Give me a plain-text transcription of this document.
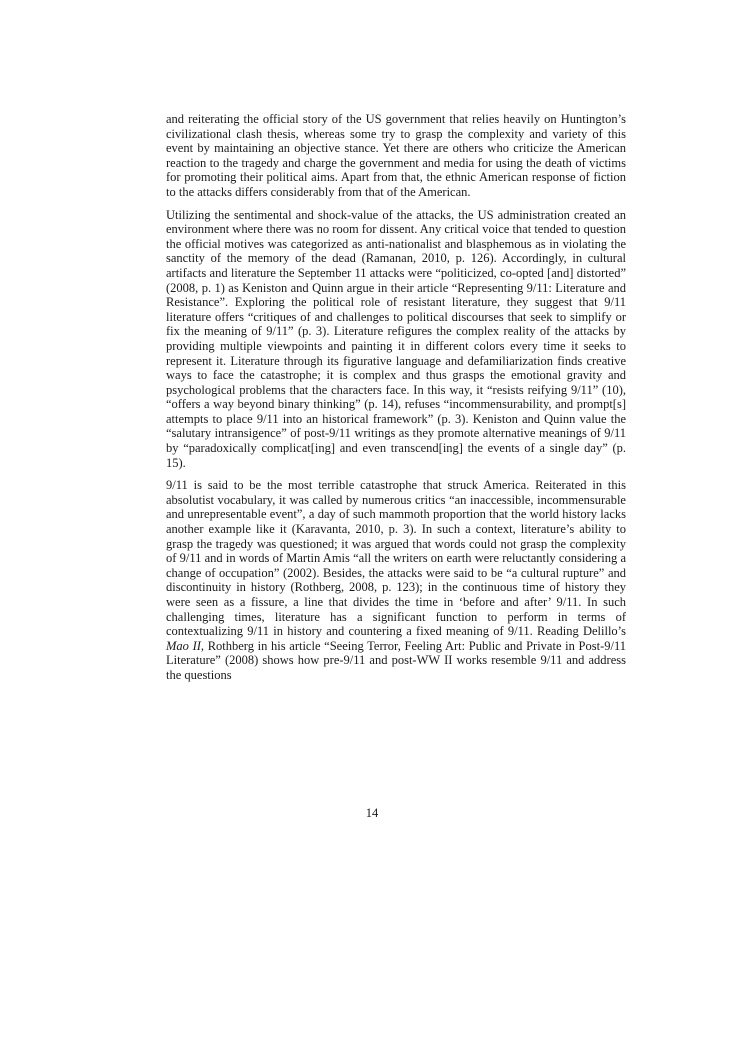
and reiterating the official story of the US government that relies heavily on Huntington’s civilizational clash thesis, whereas some try to grasp the complexity and variety of this event by maintaining an objective stance. Yet there are others who criticize the American reaction to the tragedy and charge the government and media for using the death of victims for promoting their political aims. Apart from that, the ethnic American response of fiction to the attacks differs considerably from that of the American.

Utilizing the sentimental and shock-value of the attacks, the US administration created an environment where there was no room for dissent. Any critical voice that tended to question the official motives was categorized as anti-nationalist and blasphemous as in violating the sanctity of the memory of the dead (Ramanan, 2010, p. 126). Accordingly, in cultural artifacts and literature the September 11 attacks were “politicized, co-opted [and] distorted” (2008, p. 1) as Keniston and Quinn argue in their article “Representing 9/11: Literature and Resistance”. Exploring the political role of resistant literature, they suggest that 9/11 literature offers “critiques of and challenges to political discourses that seek to simplify or fix the meaning of 9/11” (p. 3). Literature refigures the complex reality of the attacks by providing multiple viewpoints and painting it in different colors every time it seeks to represent it. Literature through its figurative language and defamiliarization finds creative ways to face the catastrophe; it is complex and thus grasps the emotional gravity and psychological problems that the characters face. In this way, it “resists reifying 9/11” (10), “offers a way beyond binary thinking” (p. 14), refuses “incommensurability, and prompt[s] attempts to place 9/11 into an historical framework” (p. 3). Keniston and Quinn value the “salutary intransigence” of post-9/11 writings as they promote alternative meanings of 9/11 by “paradoxically complicat[ing] and even transcend[ing] the events of a single day” (p. 15).

9/11 is said to be the most terrible catastrophe that struck America. Reiterated in this absolutist vocabulary, it was called by numerous critics “an inaccessible, incommensurable and unrepresentable event”, a day of such mammoth proportion that the world history lacks another example like it (Karavanta, 2010, p. 3). In such a context, literature’s ability to grasp the tragedy was questioned; it was argued that words could not grasp the complexity of 9/11 and in words of Martin Amis “all the writers on earth were reluctantly considering a change of occupation” (2002). Besides, the attacks were said to be “a cultural rupture” and discontinuity in history (Rothberg, 2008, p. 123); in the continuous time of history they were seen as a fissure, a line that divides the time in ‘before and after’ 9/11. In such challenging times, literature has a significant function to perform in terms of contextualizing 9/11 in history and countering a fixed meaning of 9/11. Reading Delillo’s Mao II, Rothberg in his article “Seeing Terror, Feeling Art: Public and Private in Post-9/11 Literature” (2008) shows how pre-9/11 and post-WW II works resemble 9/11 and address the questions

14
